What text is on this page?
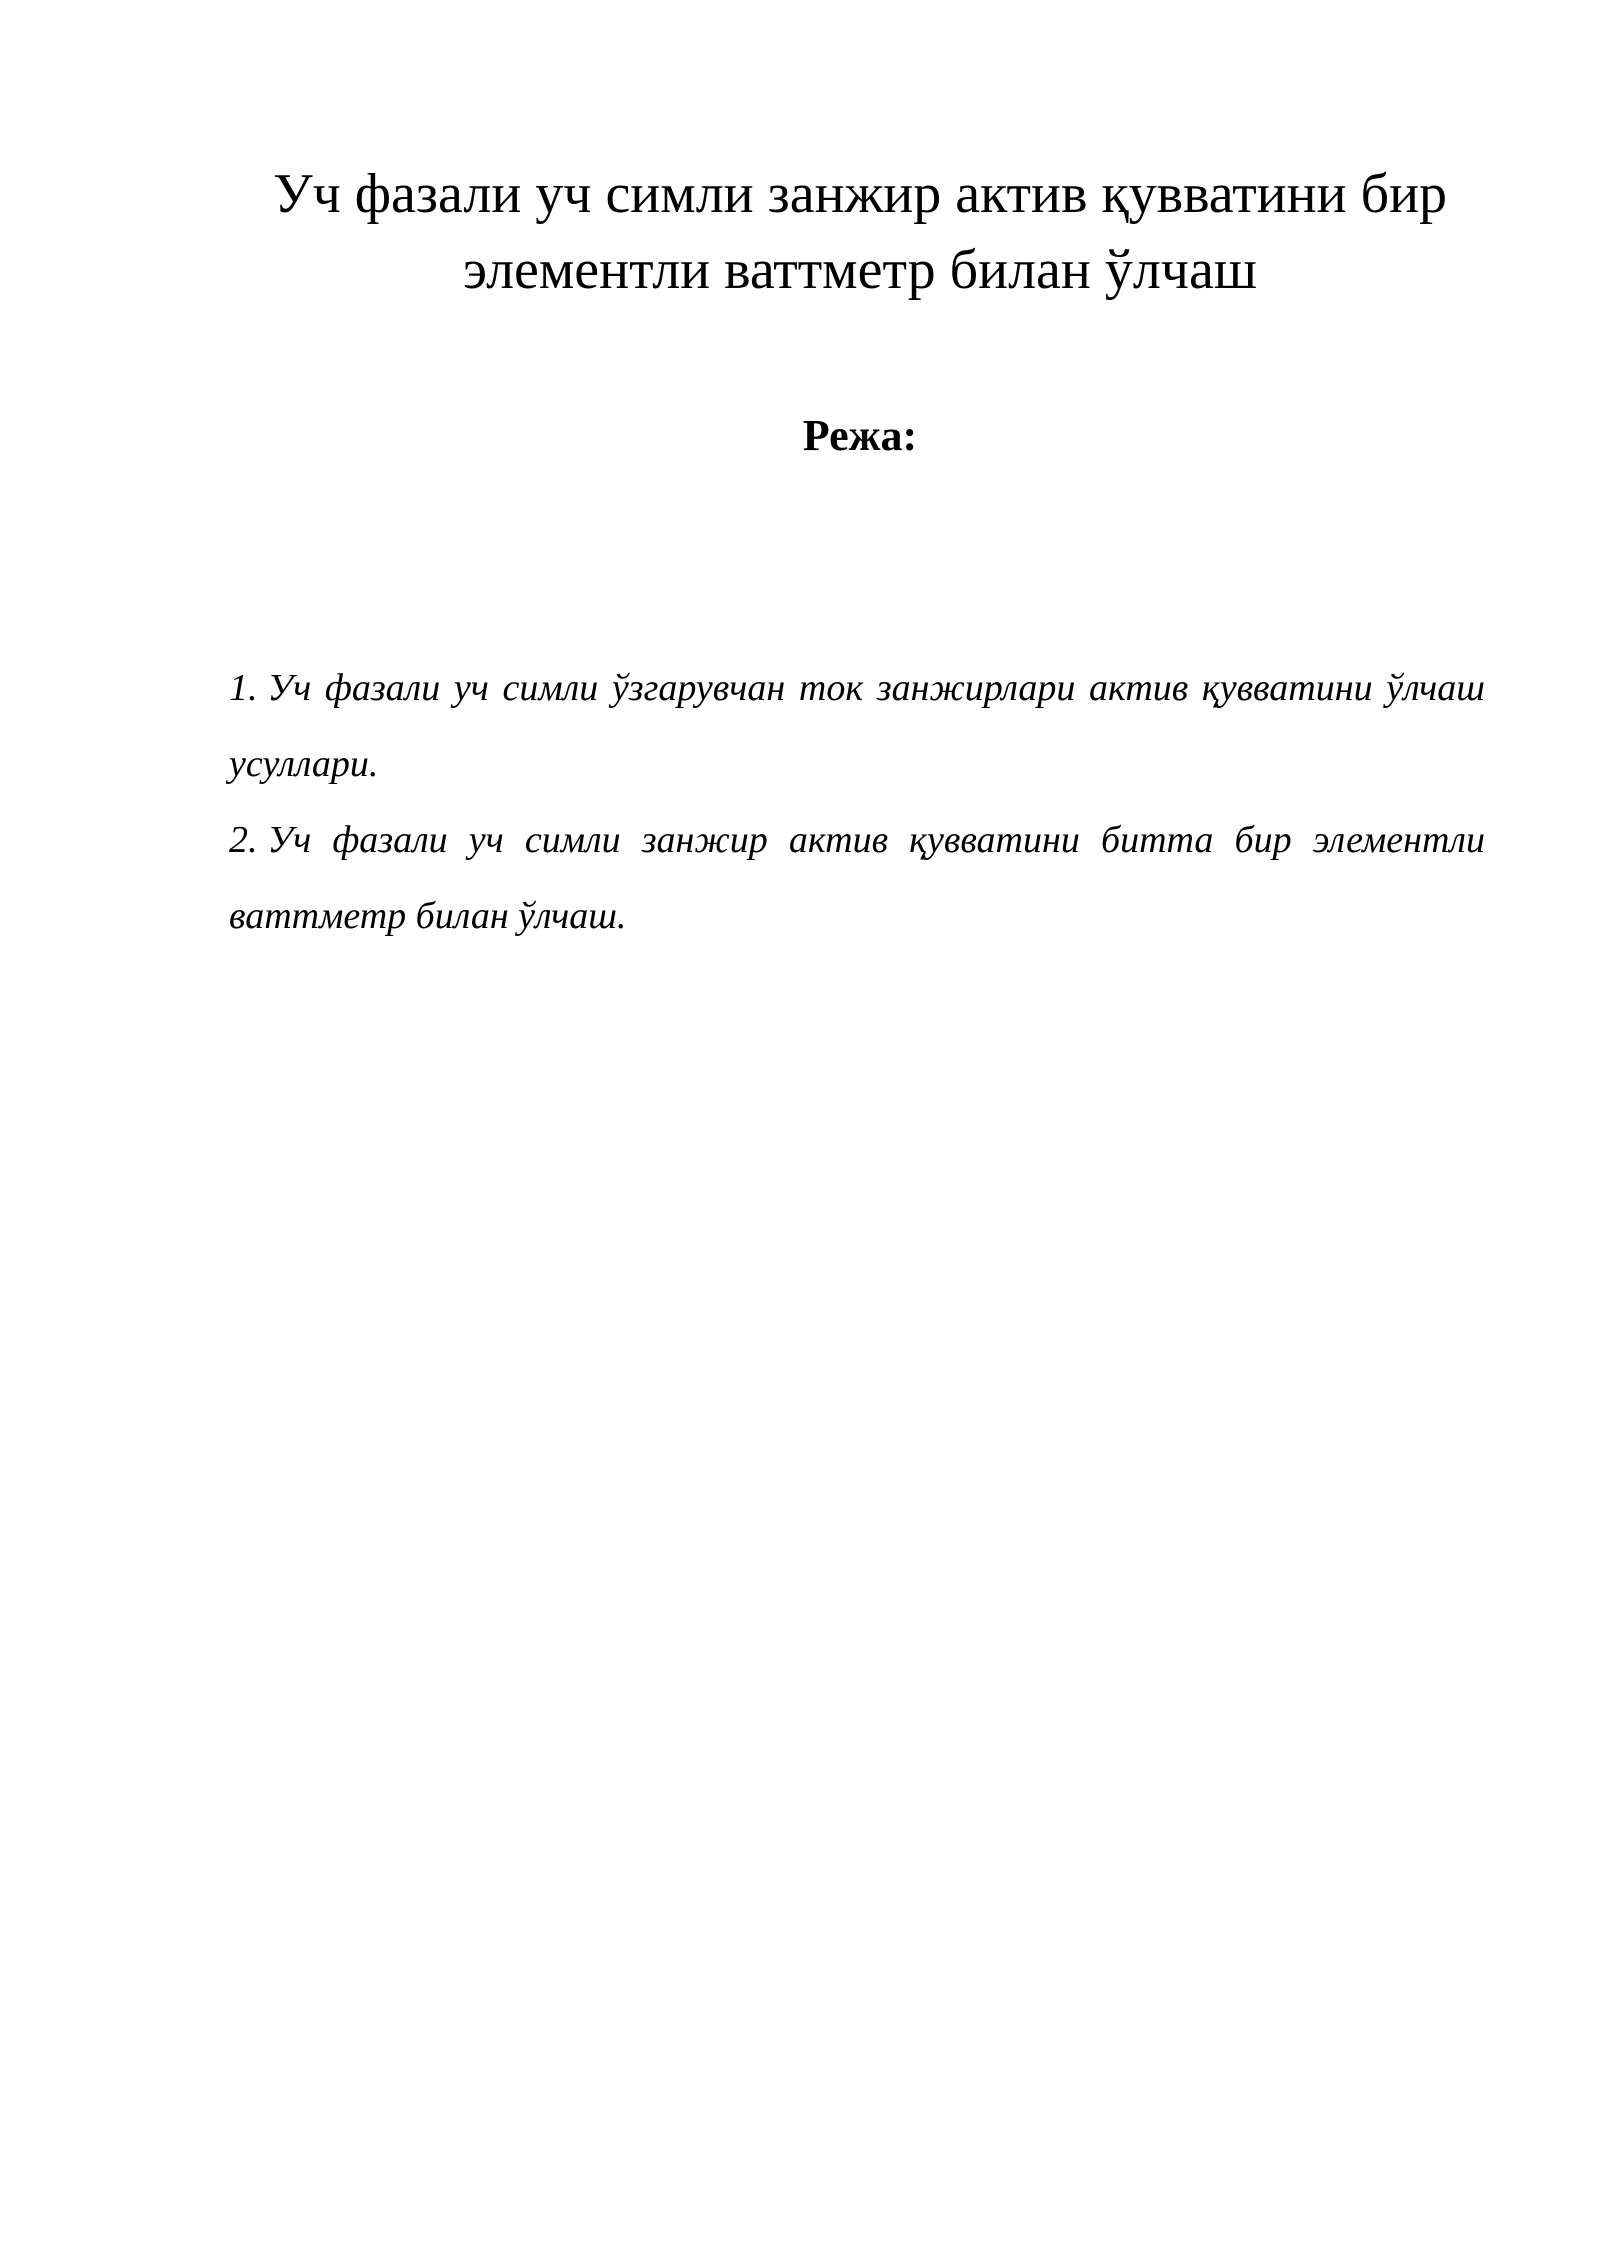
Уч фазали уч симли занжир актив қувватини бир
элементли ваттметр билан ўлчаш
Режа:
1. Уч фазали уч симли ўзгарувчан ток занжирлари актив қувватини ўлчаш усуллари.
2. Уч фазали уч симли занжир актив қувватини битта бир элементли ваттметр билан ўлчаш.
